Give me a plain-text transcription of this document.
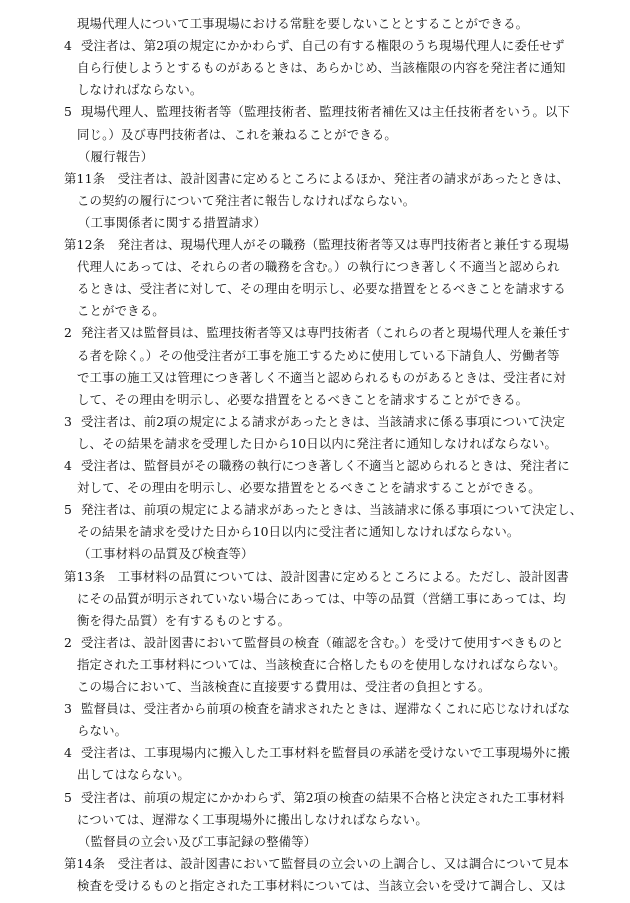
現場代理人について工事現場における常駐を要しないこととすることができる。
4 受注者は、第2項の規定にかかわらず、自己の有する権限のうち現場代理人に委任せず
自ら行使しようとするものがあるときは、あらかじめ、当該権限の内容を発注者に通知
しなければならない。
5 現場代理人、監理技術者等（監理技術者、監理技術者補佐又は主任技術者をいう。以下
同じ。）及び専門技術者は、これを兼ねることができる。
（履行報告）
第11条　 受注者は、設計図書に定めるところによるほか、発注者の請求があったときは、
この契約の履行について発注者に報告しなければならない。
（工事関係者に関する措置請求）
第12条　 発注者は、現場代理人がその職務（監理技術者等又は専門技術者と兼任する現場
代理人にあっては、それらの者の職務を含む。）の執行につき著しく不適当と認められ
るときは、受注者に対して、その理由を明示し、必要な措置をとるべきことを請求する
ことができる。
2 発注者又は監督員は、監理技術者等又は専門技術者（これらの者と現場代理人を兼任す
る者を除く。）その他受注者が工事を施工するために使用している下請負人、労働者等
で工事の施工又は管理につき著しく不適当と認められるものがあるときは、受注者に対
して、その理由を明示し、必要な措置をとるべきことを請求することができる。
3 受注者は、前2項の規定による請求があったときは、当該請求に係る事項について決定
し、その結果を請求を受理した日から10日以内に発注者に通知しなければならない。
4 受注者は、監督員がその職務の執行につき著しく不適当と認められるときは、発注者に
対して、その理由を明示し、必要な措置をとるべきことを請求することができる。
5 発注者は、前項の規定による請求があったときは、当該請求に係る事項について決定し、
その結果を請求を受けた日から10日以内に受注者に通知しなければならない。
（工事材料の品質及び検査等）
第13条　 工事材料の品質については、設計図書に定めるところによる。ただし、設計図書
にその品質が明示されていない場合にあっては、中等の品質（営繕工事にあっては、均
衡を得た品質）を有するものとする。
2 受注者は、設計図書において監督員の検査（確認を含む。）を受けて使用すべきものと
指定された工事材料については、当該検査に合格したものを使用しなければならない。
この場合において、当該検査に直接要する費用は、受注者の負担とする。
3 監督員は、受注者から前項の検査を請求されたときは、遅滞なくこれに応じなければな
らない。
4 受注者は、工事現場内に搬入した工事材料を監督員の承諾を受けないで工事現場外に搬
出してはならない。
5 受注者は、前項の規定にかかわらず、第2項の検査の結果不合格と決定された工事材料
については、遅滞なく工事現場外に搬出しなければならない。
（監督員の立会い及び工事記録の整備等）
第14条　 受注者は、設計図書において監督員の立会いの上調合し、又は調合について見本
検査を受けるものと指定された工事材料については、当該立会いを受けて調合し、又は
